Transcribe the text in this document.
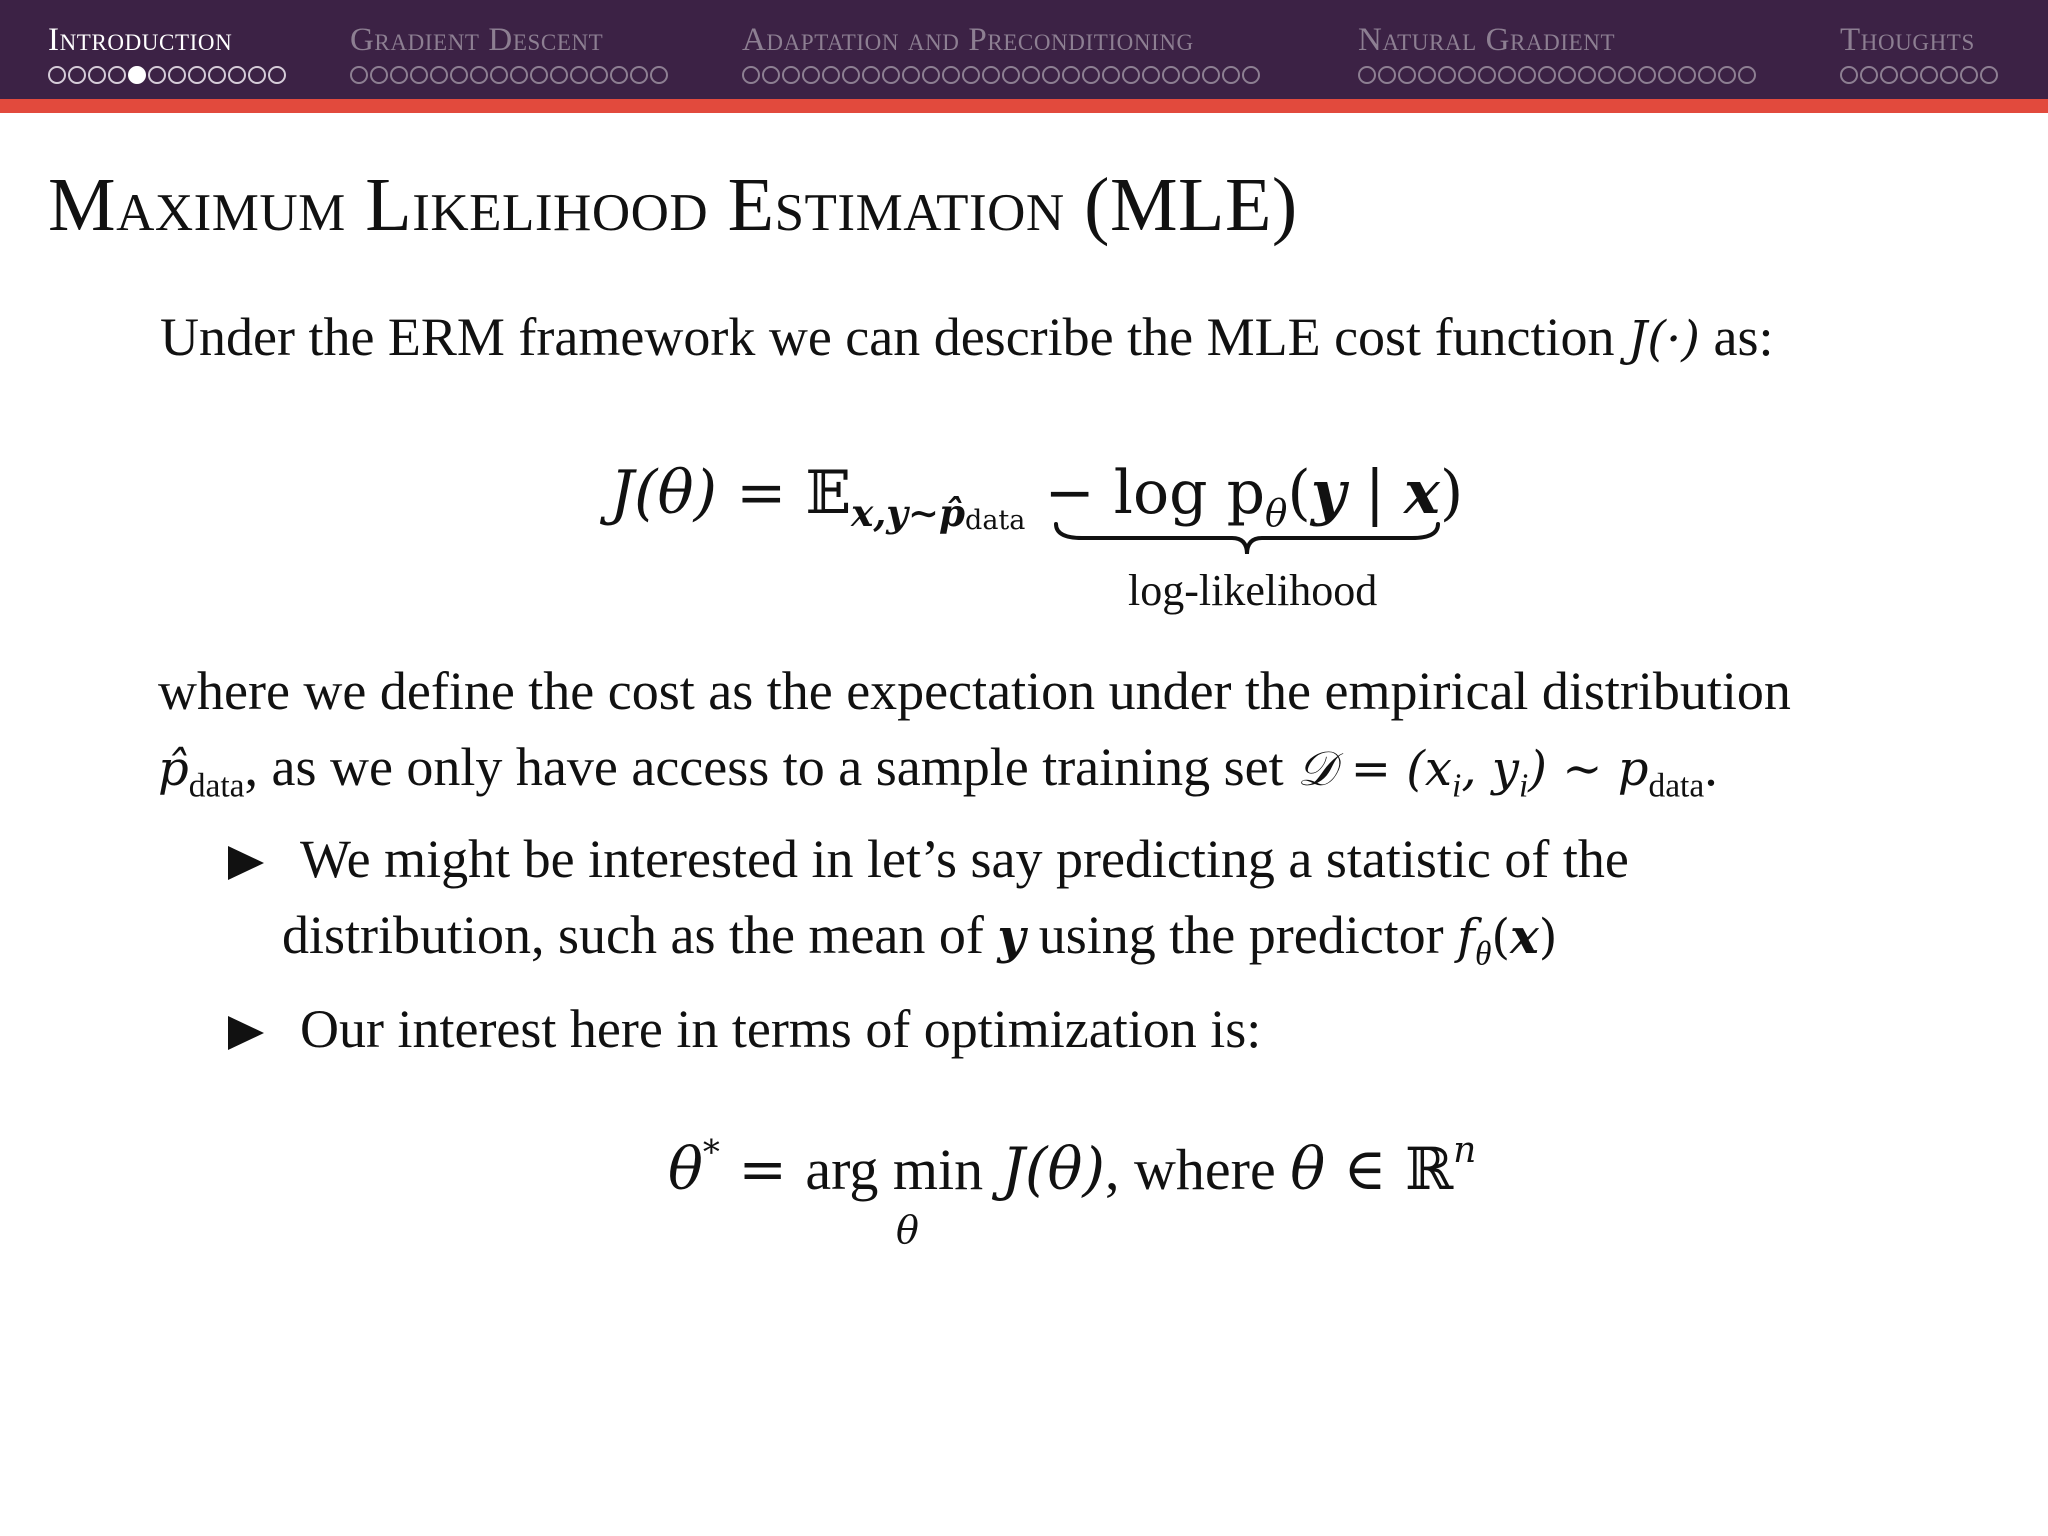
Introduction	Gradient Descent	Adaptation and Preconditioning	Natural Gradient	Thoughts
Maximum Likelihood Estimation (MLE)
Under the ERM framework we can describe the MLE cost function J(·) as:
J(θ) = 𝔼$_{x,y\sim p̂data}$ − $\log p_\theta(y$ | x)
log-likelihood
where we define the cost as the expectation under the empirical distribution
$p̂_{data}$, as we only have access to a sample training set 𝒟 = ($x_i$, $y_i$) ∼ $p_{data}$.
We might be interested in let’s say predicting a statistic of the
distribution, such as the mean of y using the predictor $f_\theta(x)$
Our interest here in terms of optimization is:
θ* = arg min J(θ), where θ ∈ ℝn
θ
